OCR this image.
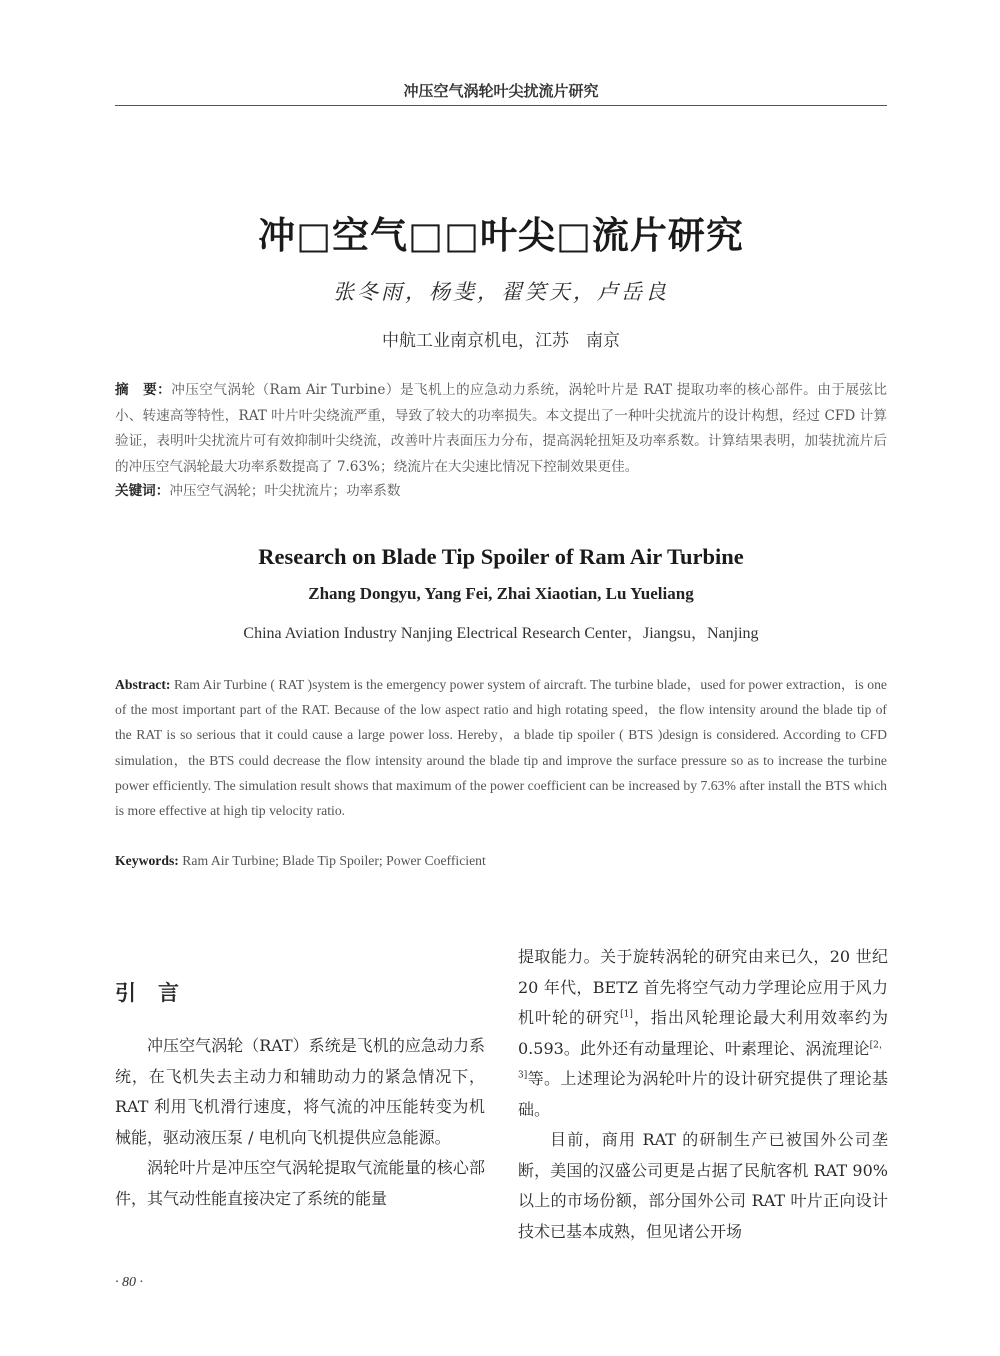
冲压空气涡轮叶尖扰流片研究
冲□空气□□叶尖□流片研究
张冬雨，杨斐，翟笑天，卢岳良
中航工业南京机电，江苏　南京
摘　要：冲压空气涡轮（Ram Air Turbine）是飞机上的应急动力系统，涡轮叶片是 RAT 提取功率的核心部件。由于展弦比小、转速高等特性，RAT 叶片叶尖绕流严重，导致了较大的功率损失。本文提出了一种叶尖扰流片的设计构想，经过 CFD 计算验证，表明叶尖扰流片可有效抑制叶尖绕流，改善叶片表面压力分布，提高涡轮扭矩及功率系数。计算结果表明，加装扰流片后的冲压空气涡轮最大功率系数提高了 7.63%；绕流片在大尖速比情况下控制效果更佳。
关键词：冲压空气涡轮；叶尖扰流片；功率系数
Research on Blade Tip Spoiler of Ram Air Turbine
Zhang Dongyu, Yang Fei, Zhai Xiaotian, Lu Yueliang
China Aviation Industry Nanjing Electrical Research Center，Jiangsu，Nanjing
Abstract: Ram Air Turbine ( RAT )system is the emergency power system of aircraft. The turbine blade，used for power extraction，is one of the most important part of the RAT. Because of the low aspect ratio and high rotating speed，the flow intensity around the blade tip of the RAT is so serious that it could cause a large power loss. Hereby，a blade tip spoiler ( BTS )design is considered. According to CFD simulation，the BTS could decrease the flow intensity around the blade tip and improve the surface pressure so as to increase the turbine power efficiently. The simulation result shows that maximum of the power coefficient can be increased by 7.63% after install the BTS which is more effective at high tip velocity ratio.
Keywords: Ram Air Turbine; Blade Tip Spoiler; Power Coefficient
引言

冲压空气涡轮（RAT）系统是飞机的应急动力系统，在飞机失去主动力和辅助动力的紧急情况下，RAT 利用飞机滑行速度，将气流的冲压能转变为机械能，驱动液压泵 / 电机向飞机提供应急能源。

涡轮叶片是冲压空气涡轮提取气流能量的核心部件，其气动性能直接决定了系统的能量

提取能力。关于旋转涡轮的研究由来已久，20 世纪 20 年代，BETZ 首先将空气动力学理论应用于风力机叶轮的研究[1]，指出风轮理论最大利用效率约为 0.593。此外还有动量理论、叶素理论、涡流理论[2，3]等。上述理论为涡轮叶片的设计研究提供了理论基础。

目前，商用 RAT 的研制生产已被国外公司垄断，美国的汉盛公司更是占据了民航客机 RAT 90% 以上的市场份额，部分国外公司 RAT 叶片正向设计技术已基本成熟，但见诸公开场

· 80 ·
